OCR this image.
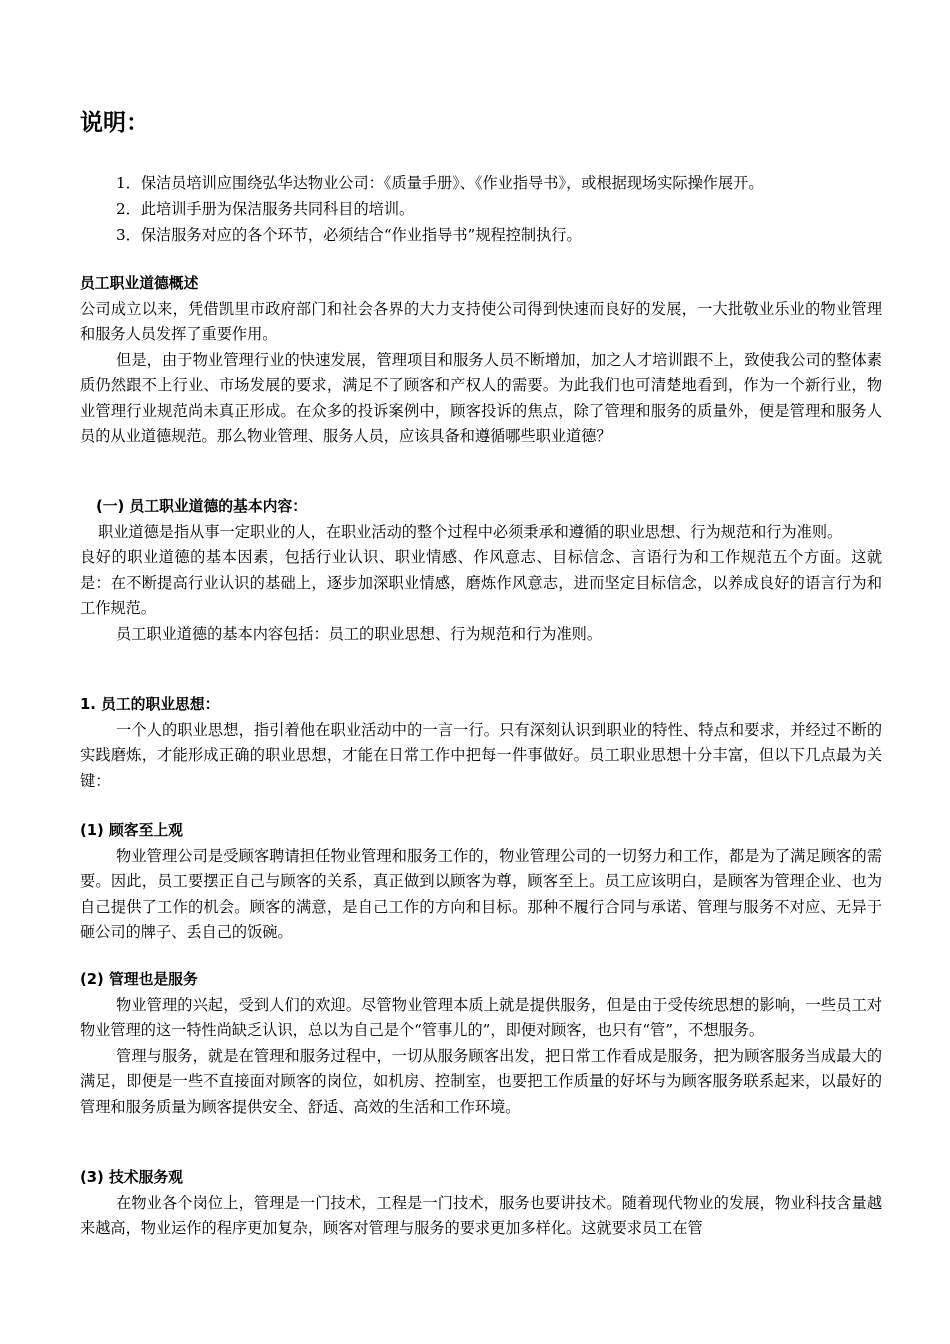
说明：
1．保洁员培训应围绕弘华达物业公司：《质量手册》、《作业指导书》，或根据现场实际操作展开。
2．此培训手册为保洁服务共同科目的培训。
3．保洁服务对应的各个环节，必须结合“作业指导书”规程控制执行。
员工职业道德概述
公司成立以来，凭借凯里市政府部门和社会各界的大力支持使公司得到快速而良好的发展，一大批敬业乐业的物业管理和服务人员发挥了重要作用。
但是，由于物业管理行业的快速发展，管理项目和服务人员不断增加，加之人才培训跟不上，致使我公司的整体素质仍然跟不上行业、市场发展的要求，满足不了顾客和产权人的需要。为此我们也可清楚地看到，作为一个新行业，物业管理行业规范尚未真正形成。在众多的投诉案例中，顾客投诉的焦点，除了管理和服务的质量外，便是管理和服务人员的从业道德规范。那么物业管理、服务人员，应该具备和遵循哪些职业道德？
(一) 员工职业道德的基本内容：
职业道德是指从事一定职业的人，在职业活动的整个过程中必须秉承和遵循的职业思想、行为规范和行为准则。
良好的职业道德的基本因素，包括行业认识、职业情感、作风意志、目标信念、言语行为和工作规范五个方面。这就是：在不断提高行业认识的基础上，逐步加深职业情感，磨炼作风意志，进而坚定目标信念，以养成良好的语言行为和工作规范。
员工职业道德的基本内容包括：员工的职业思想、行为规范和行为准则。
1. 员工的职业思想：
一个人的职业思想，指引着他在职业活动中的一言一行。只有深刻认识到职业的特性、特点和要求，并经过不断的实践磨炼，才能形成正确的职业思想，才能在日常工作中把每一件事做好。员工职业思想十分丰富，但以下几点最为关键：
(1) 顾客至上观
物业管理公司是受顾客聘请担任物业管理和服务工作的，物业管理公司的一切努力和工作，都是为了满足顾客的需要。因此，员工要摆正自己与顾客的关系，真正做到以顾客为尊，顾客至上。员工应该明白，是顾客为管理企业、也为自己提供了工作的机会。顾客的满意，是自己工作的方向和目标。那种不履行合同与承诺、管理与服务不对应、无异于砸公司的牌子、丢自己的饭碗。
(2) 管理也是服务
物业管理的兴起，受到人们的欢迎。尽管物业管理本质上就是提供服务，但是由于受传统思想的影响，一些员工对物业管理的这一特性尚缺乏认识，总以为自己是个“管事儿的”，即便对顾客，也只有“管”，不想服务。
管理与服务，就是在管理和服务过程中，一切从服务顾客出发，把日常工作看成是服务，把为顾客服务当成最大的满足，即便是一些不直接面对顾客的岗位，如机房、控制室，也要把工作质量的好坏与为顾客服务联系起来，以最好的管理和服务质量为顾客提供安全、舒适、高效的生活和工作环境。
(3) 技术服务观
在物业各个岗位上，管理是一门技术，工程是一门技术，服务也要讲技术。随着现代物业的发展，物业科技含量越来越高，物业运作的程序更加复杂，顾客对管理与服务的要求更加多样化。这就要求员工在管
